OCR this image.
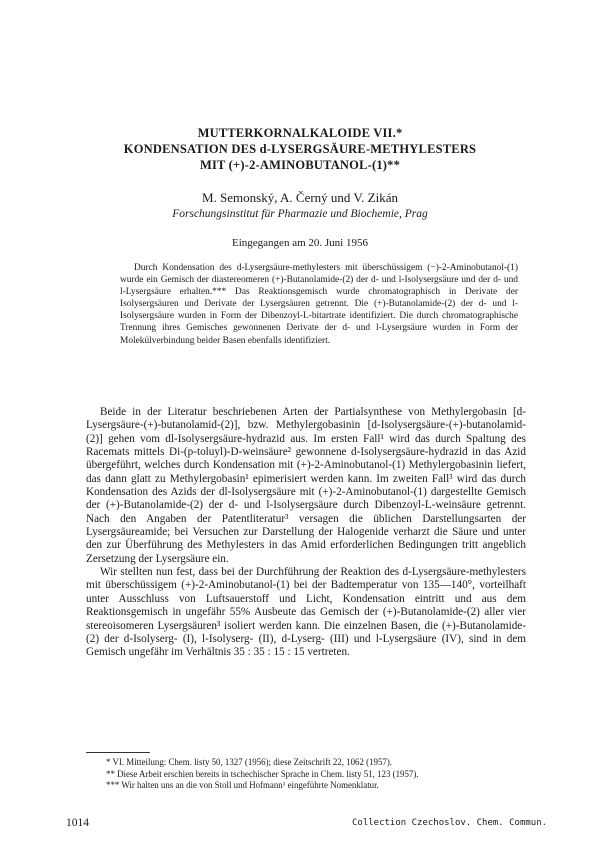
MUTTERKORNALKALOIDE VII.*
KONDENSATION DES d-LYSERGSÄURE-METHYLESTERS
MIT (+)-2-AMINOBUTANOL-(1)**
M. Semonský, A. Černý und V. Zikán
Forschungsinstitut für Pharmazie und Biochemie, Prag
Eingegangen am 20. Juni 1956
Durch Kondensation des d-Lysergsäure-methylesters mit überschüssigem (−)-2-Aminobutanol-(1) wurde ein Gemisch der diastereomeren (+)-Butanolamide-(2) der d- und l-Isolysergsäure und der d- und l-Lysergsäure erhalten.*** Das Reaktionsgemisch wurde chromatographisch in Derivate der Isolysergsäuren und Derivate der Lysergsäuren getrennt. Die (+)-Butanolamide-(2) der d- und l-Isolysergsäure wurden in Form der Dibenzoyl-L-bitartrate identifiziert. Die durch chromatographische Trennung ihres Gemisches gewonnenen Derivate der d- und l-Lysergsäure wurden in Form der Molekülverbindung beider Basen ebenfalls identifiziert.

Beide in der Literatur beschriebenen Arten der Partialsynthese von Methylergobasin [d-Lysergsäure-(+)-butanolamid-(2)], bzw. Methylergobasinin [d-Isolysergsäure-(+)-butanolamid-(2)] gehen vom dl-Isolysergsäure-hydrazid aus. Im ersten Fall¹ wird das durch Spaltung des Racemats mittels Di-(p-toluyl)-D-weinsäure² gewonnene d-Isolysergsäure-hydrazid in das Azid übergeführt, welches durch Kondensation mit (+)-2-Aminobutanol-(1) Methylergobasinin liefert, das dann glatt zu Methylergobasin¹ epimerisiert werden kann. Im zweiten Fall³ wird das durch Kondensation des Azids der dl-Isolysergsäure mit (+)-2-Aminobutanol-(1) dargestellte Gemisch der (+)-Butanolamide-(2) der d- und l-Isolysergsäure durch Dibenzoyl-L-weinsäure getrennt. Nach den Angaben der Patentliteratur³ versagen die üblichen Darstellungsarten der Lysergsäureamide; bei Versuchen zur Darstellung der Halogenide verharzt die Säure und unter den zur Überführung des Methylesters in das Amid erforderlichen Bedingungen tritt angeblich Zersetzung der Lysergsäure ein.

Wir stellten nun fest, dass bei der Durchführung der Reaktion des d-Lysergsäure-methylesters mit überschüssigem (+)-2-Aminobutanol-(1) bei der Badtemperatur von 135—140°, vorteilhaft unter Ausschluss von Luftsauerstoff und Licht, Kondensation eintritt und aus dem Reaktionsgemisch in ungefähr 55% Ausbeute das Gemisch der (+)-Butanolamide-(2) aller vier stereoisomeren Lysergsäuren³ isoliert werden kann. Die einzelnen Basen, die (+)-Butanolamide-(2) der d-Isolyserg- (I), l-Isolyserg- (II), d-Lyserg- (III) und l-Lysergsäure (IV), sind in dem Gemisch ungefähr im Verhältnis 35 : 35 : 15 : 15 vertreten.

* VI. Mitteilung: Chem. listy 50, 1327 (1956); diese Zeitschrift 22, 1062 (1957).
** Diese Arbeit erschien bereits in tschechischer Sprache in Chem. listy 51, 123 (1957).
*** Wir halten uns an die von Stoll und Hofmann¹ eingeführte Nomenklatur.
1014	Collection Czechoslov. Chem. Commun.
